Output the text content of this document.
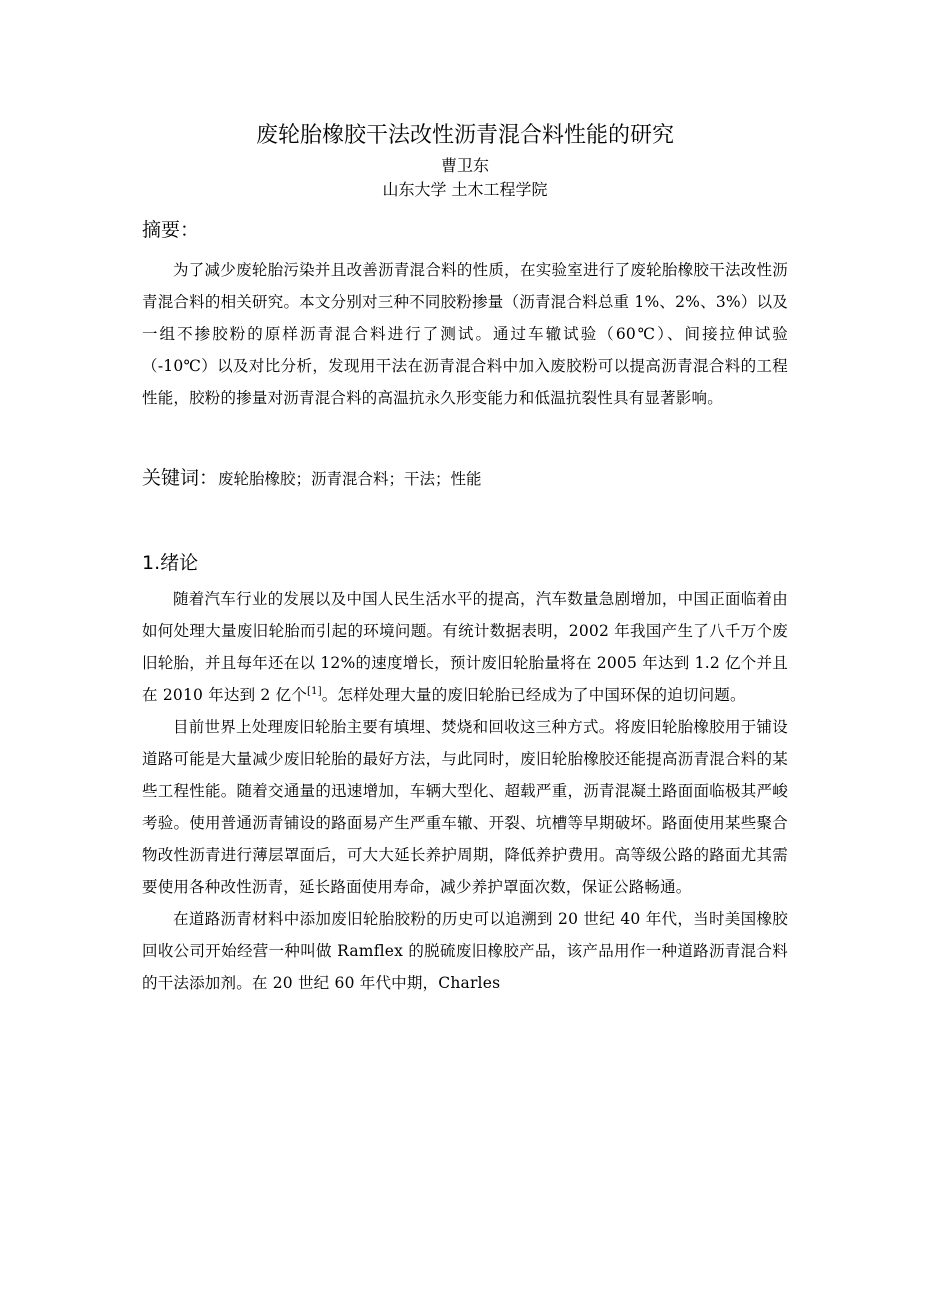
废轮胎橡胶干法改性沥青混合料性能的研究
曹卫东
山东大学 土木工程学院
摘要：

为了减少废轮胎污染并且改善沥青混合料的性质，在实验室进行了废轮胎橡胶干法改性沥青混合料的相关研究。本文分别对三种不同胶粉掺量（沥青混合料总重 1%、2%、3%）以及一组不掺胶粉的原样沥青混合料进行了测试。通过车辙试验（60℃）、间接拉伸试验（-10℃）以及对比分析，发现用干法在沥青混合料中加入废胶粉可以提高沥青混合料的工程性能，胶粉的掺量对沥青混合料的高温抗永久形变能力和低温抗裂性具有显著影响。

关键词：废轮胎橡胶；沥青混合料；干法；性能
1.绪论

随着汽车行业的发展以及中国人民生活水平的提高，汽车数量急剧增加，中国正面临着由如何处理大量废旧轮胎而引起的环境问题。有统计数据表明，2002 年我国产生了八千万个废旧轮胎，并且每年还在以 12%的速度增长，预计废旧轮胎量将在 2005 年达到 1.2 亿个并且在 2010 年达到 2 亿个[1]。怎样处理大量的废旧轮胎已经成为了中国环保的迫切问题。

目前世界上处理废旧轮胎主要有填埋、焚烧和回收这三种方式。将废旧轮胎橡胶用于铺设道路可能是大量减少废旧轮胎的最好方法，与此同时，废旧轮胎橡胶还能提高沥青混合料的某些工程性能。随着交通量的迅速增加，车辆大型化、超载严重，沥青混凝土路面面临极其严峻考验。使用普通沥青铺设的路面易产生严重车辙、开裂、坑槽等早期破坏。路面使用某些聚合物改性沥青进行薄层罩面后，可大大延长养护周期，降低养护费用。高等级公路的路面尤其需要使用各种改性沥青，延长路面使用寿命，减少养护罩面次数，保证公路畅通。

在道路沥青材料中添加废旧轮胎胶粉的历史可以追溯到 20 世纪 40 年代，当时美国橡胶回收公司开始经营一种叫做 Ramflex 的脱硫废旧橡胶产品，该产品用作一种道路沥青混合料的干法添加剂。在 20 世纪 60 年代中期，Charles
